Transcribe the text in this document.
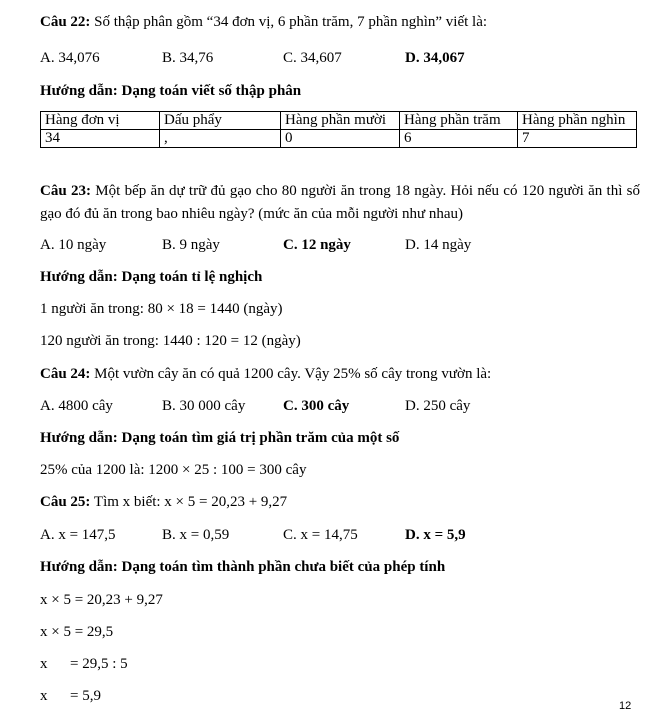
Câu 22: Số thập phân gồm “34 đơn vị, 6 phần trăm, 7 phần nghìn” viết là:
A. 34,076	B. 34,76	C. 34,607	D. 34,067
Hướng dẫn: Dạng toán viết số thập phân
Hàng đơn vị	Dấu phẩy	Hàng phần mười	Hàng phần trăm	Hàng phần nghìn
34	,	0	6	7
Câu 23: Một bếp ăn dự trữ đủ gạo cho 80 người ăn trong 18 ngày. Hỏi nếu có 120 người ăn thì số gạo đó đủ ăn trong bao nhiêu ngày? (mức ăn của mỗi người như nhau)
A. 10 ngày	B. 9 ngày	C. 12 ngày	D. 14 ngày
Hướng dẫn: Dạng toán tỉ lệ nghịch
1 người ăn trong: 80 × 18 = 1440 (ngày)
120 người ăn trong: 1440 : 120 = 12 (ngày)
Câu 24: Một vườn cây ăn có quả 1200 cây. Vậy 25% số cây trong vườn là:
A. 4800 cây	B. 30 000 cây	C. 300 cây	D. 250 cây
Hướng dẫn: Dạng toán tìm giá trị phần trăm của một số
25% của 1200 là: 1200 × 25 : 100 = 300 cây
Câu 25: Tìm x biết: x × 5 = 20,23 + 9,27
A. x = 147,5	B. x = 0,59	C. x = 14,75	D. x = 5,9
Hướng dẫn: Dạng toán tìm thành phần chưa biết của phép tính
x × 5 = 20,23 + 9,27
x × 5 = 29,5
x = 29,5 : 5
x = 5,9
12
